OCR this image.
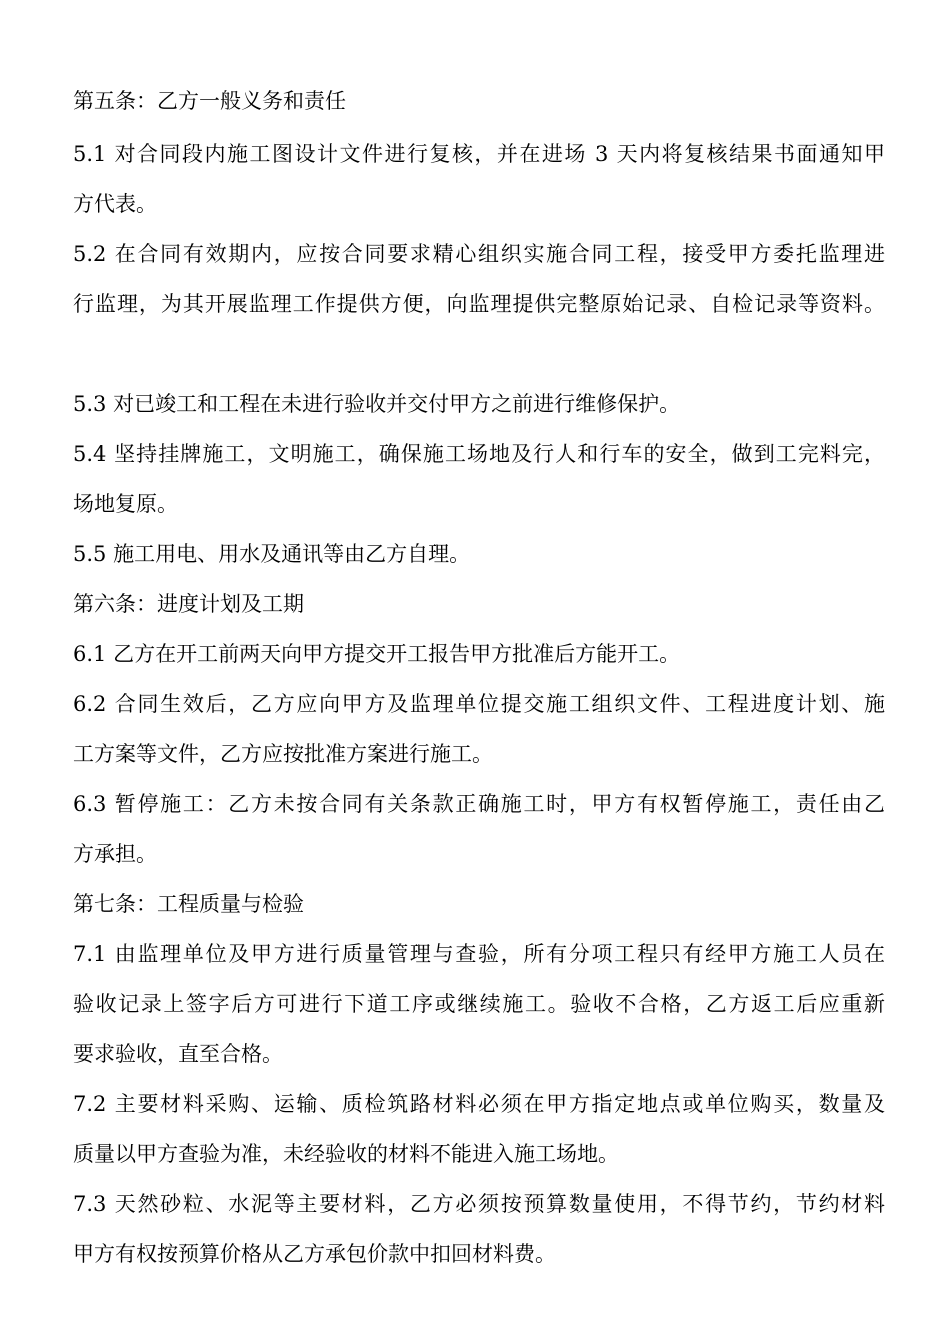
第五条：乙方一般义务和责任

5.1 对合同段内施工图设计文件进行复核，并在进场 3 天内将复核结果书面通知甲

方代表。

5.2 在合同有效期内，应按合同要求精心组织实施合同工程，接受甲方委托监理进

行监理，为其开展监理工作提供方便，向监理提供完整原始记录、自检记录等资料。

5.3 对已竣工和工程在未进行验收并交付甲方之前进行维修保护。

5.4 坚持挂牌施工，文明施工，确保施工场地及行人和行车的安全，做到工完料完，

场地复原。

5.5 施工用电、用水及通讯等由乙方自理。

第六条：进度计划及工期

6.1 乙方在开工前两天向甲方提交开工报告甲方批准后方能开工。

6.2 合同生效后，乙方应向甲方及监理单位提交施工组织文件、工程进度计划、施

工方案等文件，乙方应按批准方案进行施工。

6.3 暂停施工：乙方未按合同有关条款正确施工时，甲方有权暂停施工，责任由乙

方承担。

第七条：工程质量与检验

7.1 由监理单位及甲方进行质量管理与查验，所有分项工程只有经甲方施工人员在

验收记录上签字后方可进行下道工序或继续施工。验收不合格，乙方返工后应重新

要求验收，直至合格。

7.2 主要材料采购、运输、质检筑路材料必须在甲方指定地点或单位购买，数量及

质量以甲方查验为准，未经验收的材料不能进入施工场地。

7.3 天然砂粒、水泥等主要材料，乙方必须按预算数量使用，不得节约，节约材料

甲方有权按预算价格从乙方承包价款中扣回材料费。
